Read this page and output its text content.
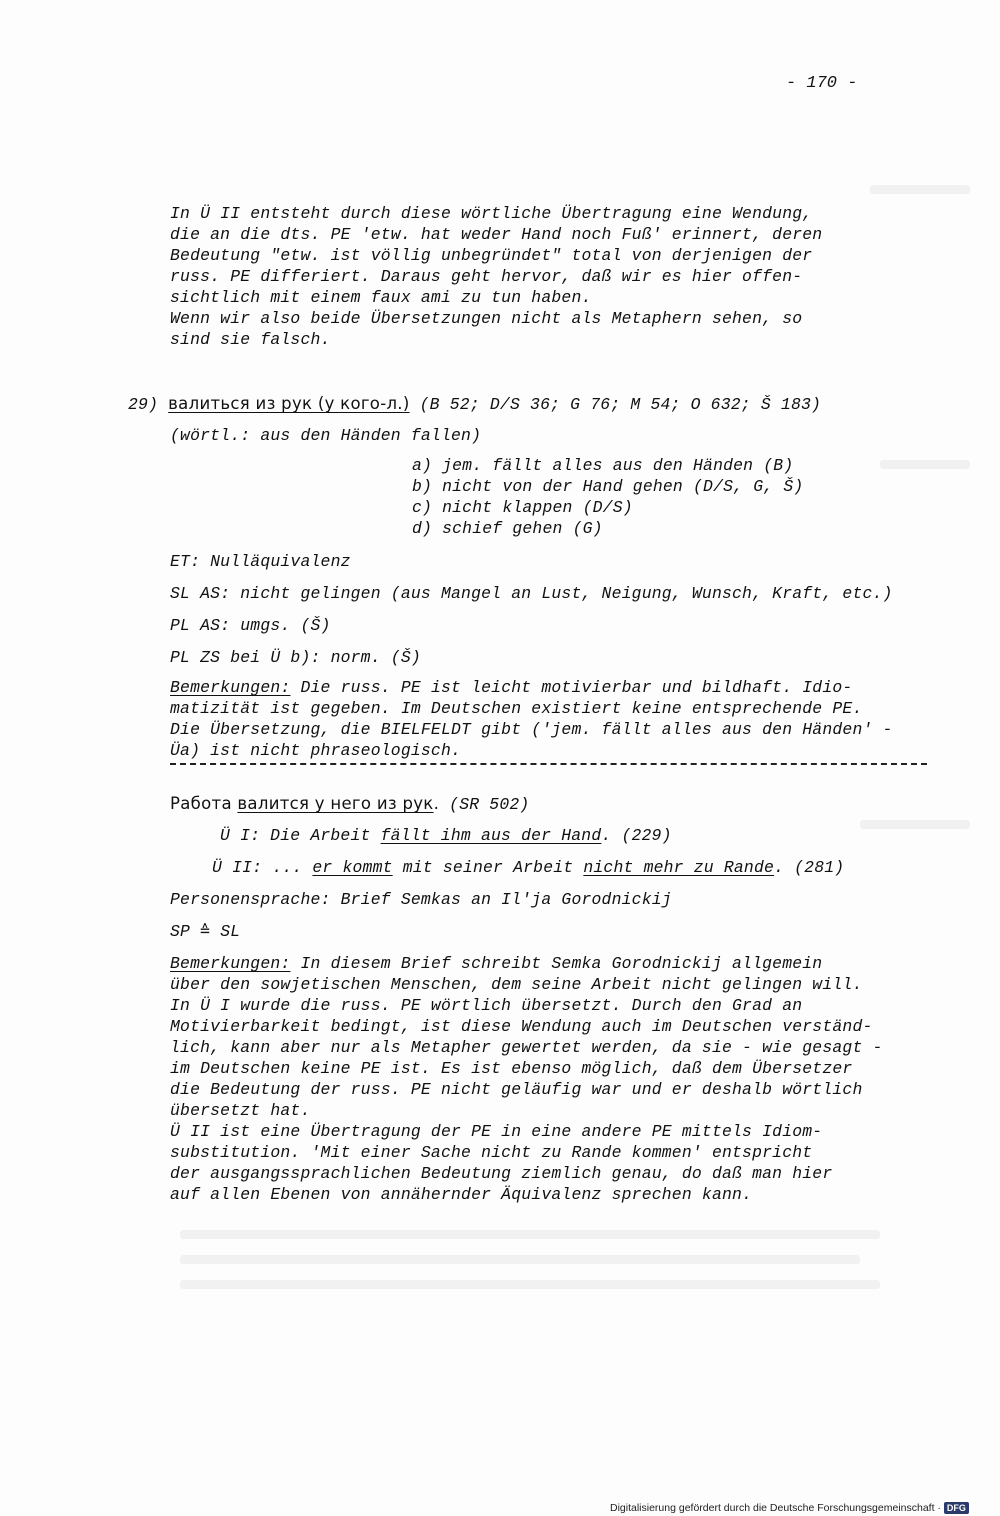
- 170 -
In Ü II entsteht durch diese wörtliche Übertragung eine Wendung,
die an die dts. PE 'etw. hat weder Hand noch Fuß' erinnert, deren
Bedeutung "etw. ist völlig unbegründet" total von derjenigen der
russ. PE differiert. Daraus geht hervor, daß wir es hier offen-
sichtlich mit einem faux ami zu tun haben.
Wenn wir also beide Übersetzungen nicht als Metaphern sehen, so
sind sie falsch.
29) валиться из рук (у кого-л.) (B 52; D/S 36; G 76; M 54; O 632; Š 183)
(wörtl.: aus den Händen fallen)
a) jem. fällt alles aus den Händen (B)
b) nicht von der Hand gehen (D/S, G, Š)
c) nicht klappen (D/S)
d) schief gehen (G)
ET: Nulläquivalenz
SL AS: nicht gelingen (aus Mangel an Lust, Neigung, Wunsch, Kraft, etc.)
PL AS: umgs. (Š)
PL ZS bei Ü b): norm. (Š)
Bemerkungen: Die russ. PE ist leicht motivierbar und bildhaft. Idio-
matizität ist gegeben. Im Deutschen existiert keine entsprechende PE.
Die Übersetzung, die BIELFELDT gibt ('jem. fällt alles aus den Händen' -
Üa) ist nicht phraseologisch.
Работа валится у него из рук. (SR 502)
Ü I: Die Arbeit fällt ihm aus der Hand. (229)
Ü II: ... er kommt mit seiner Arbeit nicht mehr zu Rande. (281)
Personensprache: Brief Semkas an Il'ja Gorodnickij
SP ≙ SL
Bemerkungen: In diesem Brief schreibt Semka Gorodnickij allgemein
über den sowjetischen Menschen, dem seine Arbeit nicht gelingen will.
In Ü I wurde die russ. PE wörtlich übersetzt. Durch den Grad an
Motivierbarkeit bedingt, ist diese Wendung auch im Deutschen verständ-
lich, kann aber nur als Metapher gewertet werden, da sie - wie gesagt -
im Deutschen keine PE ist. Es ist ebenso möglich, daß dem Übersetzer
die Bedeutung der russ. PE nicht geläufig war und er deshalb wörtlich
übersetzt hat.
Ü II ist eine Übertragung der PE in eine andere PE mittels Idiom-
substitution. 'Mit einer Sache nicht zu Rande kommen' entspricht
der ausgangssprachlichen Bedeutung ziemlich genau, do daß man hier
auf allen Ebenen von annähernder Äquivalenz sprechen kann.
Digitalisierung gefördert durch die Deutsche Forschungsgemeinschaft · DFG
